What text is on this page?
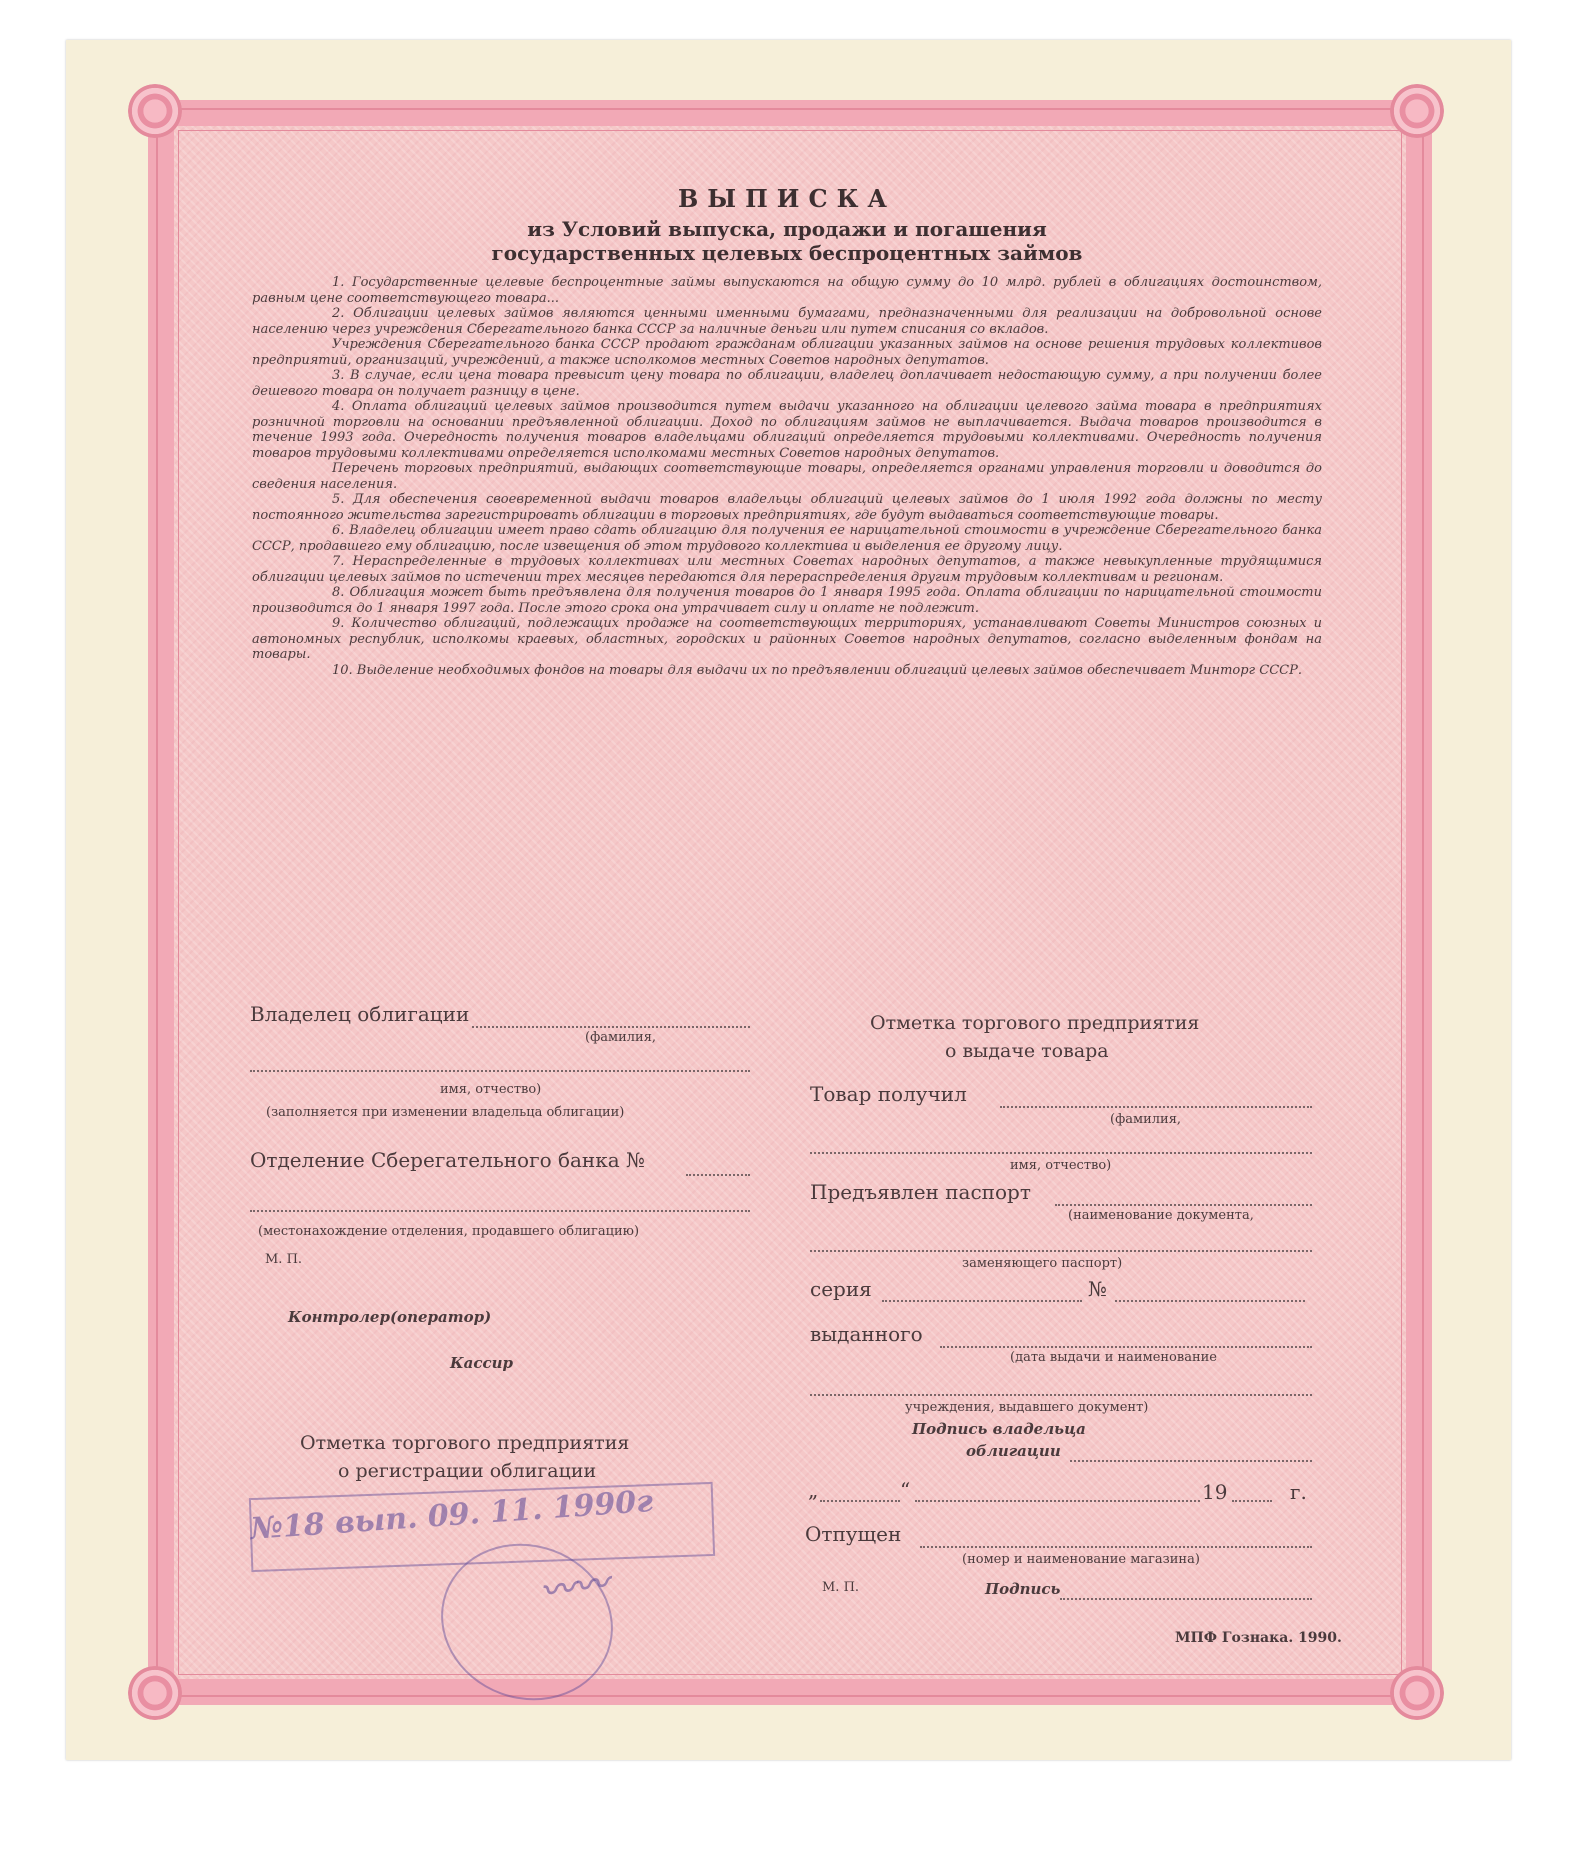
ВЫПИСКА
из Условий выпуска, продажи и погашения
государственных целевых беспроцентных займов

1. Государственные целевые беспроцентные займы выпускаются на общую сумму до 10 млрд. рублей в облигациях достоинством, равным цене соответствующего товара...

2. Облигации целевых займов являются ценными именными бумагами, предназначенными для реализации на добровольной основе населению через учреждения Сберегательного банка СССР за наличные деньги или путем списания со вкладов.

Учреждения Сберегательного банка СССР продают гражданам облигации указанных займов на основе решения трудовых коллективов предприятий, организаций, учреждений, а также исполкомов местных Советов народных депутатов.

3. В случае, если цена товара превысит цену товара по облигации, владелец доплачивает недостающую сумму, а при получении более дешевого товара он получает разницу в цене.

4. Оплата облигаций целевых займов производится путем выдачи указанного на облигации целевого займа товара в предприятиях розничной торговли на основании предъявленной облигации. Доход по облигациям займов не выплачивается. Выдача товаров производится в течение 1993 года. Очередность получения товаров владельцами облигаций определяется трудовыми коллективами. Очередность получения товаров трудовыми коллективами определяется исполкомами местных Советов народных депутатов.

Перечень торговых предприятий, выдающих соответствующие товары, определяется органами управления торговли и доводится до сведения населения.

5. Для обеспечения своевременной выдачи товаров владельцы облигаций целевых займов до 1 июля 1992 года должны по месту постоянного жительства зарегистрировать облигации в торговых предприятиях, где будут выдаваться соответствующие товары.

6. Владелец облигации имеет право сдать облигацию для получения ее нарицательной стоимости в учреждение Сберегательного банка СССР, продавшего ему облигацию, после извещения об этом трудового коллектива и выделения ее другому лицу.

7. Нераспределенные в трудовых коллективах или местных Советах народных депутатов, а также невыкупленные трудящимися облигации целевых займов по истечении трех месяцев передаются для перераспределения другим трудовым коллективам и регионам.

8. Облигация может быть предъявлена для получения товаров до 1 января 1995 года. Оплата облигации по нарицательной стоимости производится до 1 января 1997 года. После этого срока она утрачивает силу и оплате не подлежит.

9. Количество облигаций, подлежащих продаже на соответствующих территориях, устанавливают Советы Министров союзных и автономных республик, исполкомы краевых, областных, городских и районных Советов народных депутатов, согласно выделенным фондам на товары.

10. Выделение необходимых фондов на товары для выдачи их по предъявлении облигаций целевых займов обеспечивает Минторг СССР.

Владелец облигации
(фамилия,
имя, отчество)
(заполняется при изменении владельца облигации)
Отделение Сберегательного банка №
(местонахождение отделения, продавшего облигацию)
М. П.
Контролер(оператор)
Кассир
Отметка торгового предприятия
о регистрации облигации
№18 вып. 09. 11. 1990г
〰〰
Отметка торгового предприятия
о выдаче товара
Товар получил
(фамилия,
имя, отчество)
Предъявлен паспорт
(наименование документа,
заменяющего паспорт)
серия	№
выданного
(дата выдачи и наименование
учреждения, выдавшего документ)
Подпись владельца
облигации
„	“	19	г.
Отпущен
(номер и наименование магазина)
М. П.	Подпись
МПФ Гознака. 1990.
